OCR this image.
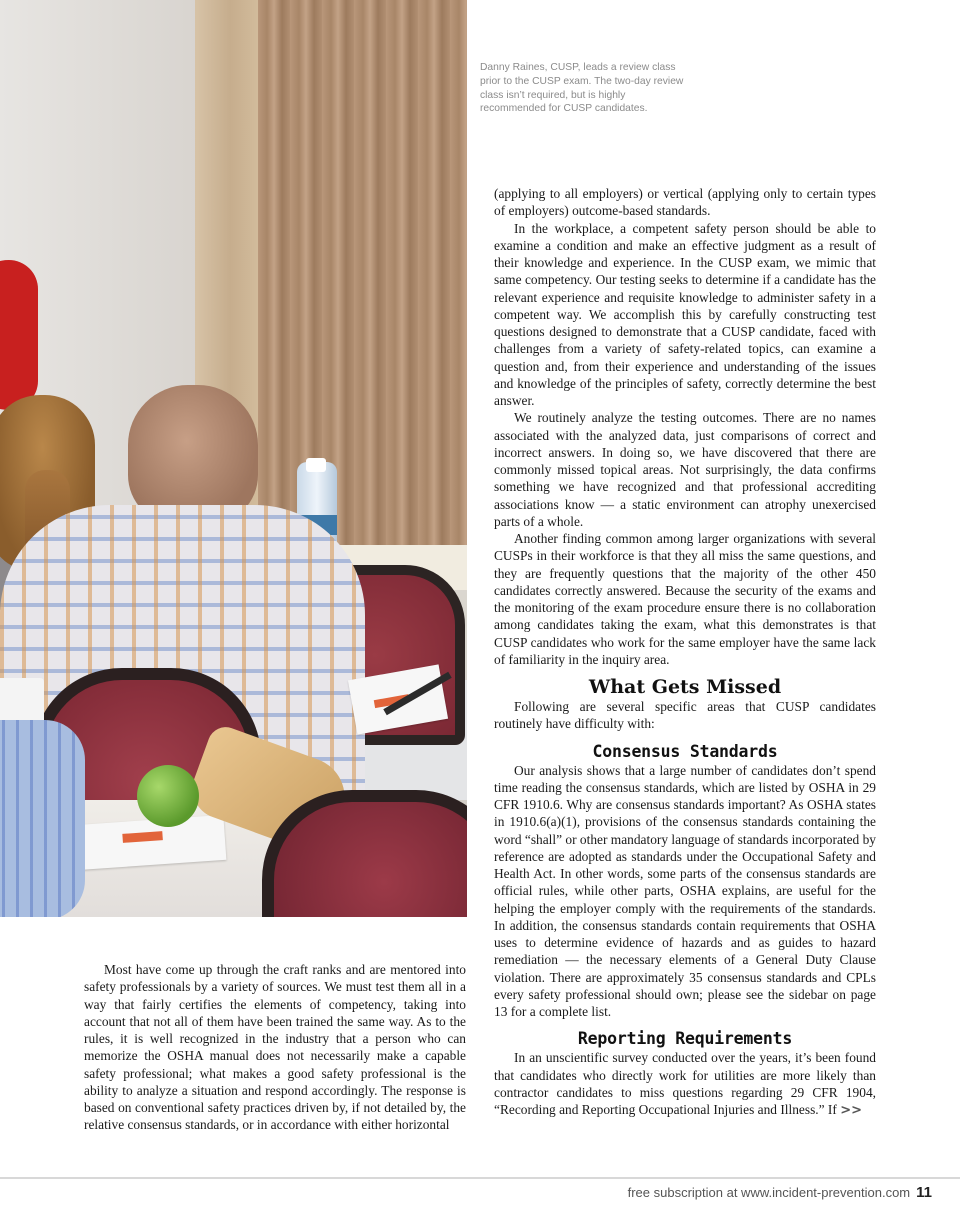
Danny Raines, CUSP, leads a review class prior to the CUSP exam. The two-day review class isn’t required, but is highly recommended for CUSP candidates.

(applying to all employers) or vertical (applying only to certain types of employers) outcome-based standards.

In the workplace, a competent safety person should be able to examine a condition and make an effective judgment as a result of their knowledge and experience. In the CUSP exam, we mimic that same competency. Our testing seeks to determine if a candidate has the relevant experience and requisite knowledge to administer safety in a competent way. We accomplish this by carefully constructing test questions designed to demonstrate that a CUSP candidate, faced with challenges from a variety of safety-related topics, can examine a question and, from their experience and understanding of the issues and knowledge of the principles of safety, correctly determine the best answer.

We routinely analyze the testing outcomes. There are no names associated with the analyzed data, just comparisons of correct and incorrect answers. In doing so, we have discovered that there are commonly missed topical areas. Not surprisingly, the data confirms something we have recognized and that professional accrediting associations know — a static environment can atrophy unexercised parts of a whole.

Another finding common among larger organizations with several CUSPs in their workforce is that they all miss the same questions, and they are frequently questions that the majority of the other 450 candidates correctly answered. Because the security of the exams and the monitoring of the exam procedure ensure there is no collaboration among candidates taking the exam, what this demonstrates is that CUSP candidates who work for the same employer have the same lack of familiarity in the inquiry area.

What Gets Missed

Following are several specific areas that CUSP candidates routinely have difficulty with:

Consensus Standards

Our analysis shows that a large number of candidates don’t spend time reading the consensus standards, which are listed by OSHA in 29 CFR 1910.6. Why are consensus standards important? As OSHA states in 1910.6(a)(1), provisions of the consensus standards containing the word “shall” or other mandatory language of standards incorporated by reference are adopted as standards under the Occupational Safety and Health Act. In other words, some parts of the consensus standards are official rules, while other parts, OSHA explains, are useful for the helping the employer comply with the requirements of the standards. In addition, the consensus standards contain requirements that OSHA uses to determine evidence of hazards and as guides to hazard remediation — the necessary elements of a General Duty Clause violation. There are approximately 35 consensus standards and CPLs every safety professional should own; please see the sidebar on page 13 for a complete list.

Reporting Requirements

In an unscientific survey conducted over the years, it’s been found that candidates who directly work for utilities are more likely than contractor candidates to miss questions regarding 29 CFR 1904, “Recording and Reporting Occupational Injuries and Illness.” If >>

Most have come up through the craft ranks and are mentored into safety professionals by a variety of sources. We must test them all in a way that fairly certifies the elements of competency, taking into account that not all of them have been trained the same way. As to the rules, it is well recognized in the industry that a person who can memorize the OSHA manual does not necessarily make a capable safety professional; what makes a good safety professional is the ability to analyze a situation and respond accordingly. The response is based on conventional safety practices driven by, if not detailed by, the relative consensus standards, or in accordance with either horizontal

free subscription at www.incident-prevention.com 11
